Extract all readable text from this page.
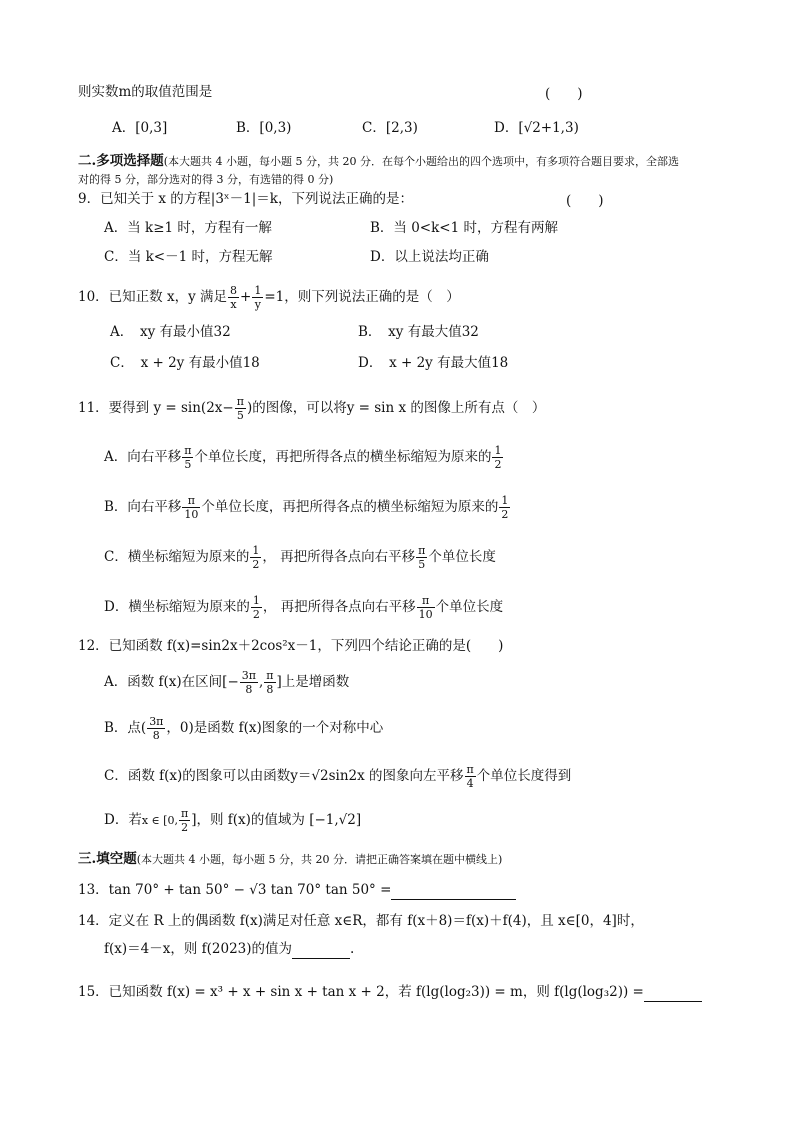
则实数m的取值范围是	(　　)
A．[0,3]	B．[0,3)	C．[2,3)	D．[√2+1,3)
二.多项选择题(本大题共 4 小题，每小题 5 分，共 20 分．在每个小题给出的四个选项中，有多项符合题目要求，全部选
对的得 5 分，部分选对的得 3 分，有选错的得 0 分)
9．已知关于 x 的方程|3ˣ－1|＝k，下列说法正确的是：	(　　)
A．当 k≥1 时，方程有一解	B．当 0<k<1 时，方程有两解
C．当 k<－1 时，方程无解	D．以上说法均正确
10．已知正数 x，y 满足 $\frac{8}{x} + \frac{1}{y} =1$，则下列说法正确的是（　）
A．　xy 有最小值32	B．　xy 有最大值32
C．　x + 2y 有最小值18	D．　x + 2y 有最大值18
11．要得到 $y = \sin(2x- \frac{\pi}{5}$ )的图像，可以将y = sin x 的图像上所有点（　）
A．向右平移 $\frac{\pi}{5}$ 个单位长度，再把所得各点的横坐标缩短为原来的 $\frac{1}{2}$
B．向右平移 $\frac{\pi}{10}$ 个单位长度，再把所得各点的横坐标缩短为原来的 $\frac{1}{2}$
C．横坐标缩短为原来的 $\frac{1}{2}$ ， 再把所得各点向右平移 $\frac{\pi}{5}$ 个单位长度
D．横坐标缩短为原来的 $\frac{1}{2}$ ， 再把所得各点向右平移 $\frac{\pi}{10}$ 个单位长度
12．已知函数 f(x)=sin2x＋2cos²x－1，下列四个结论正确的是(　　)
A．函数 f(x)在区间[− $\frac{3\pi}{8}$ , $\frac{\pi}{8}$ ]上是增函数
B．点( $\frac{3\pi}{8}$ ，0)是函数 f(x)图象的一个对称中心
C．函数 f(x)的图象可以由函数y＝√2sin2x 的图象向左平移 $\frac{\pi}{4}$ 个单位长度得到
D．若x ∈ [0, $\frac{\pi}{2}$ ]，则 f(x)的值域为 [−1,√2]
三.填空题(本大题共 4 小题，每小题 5 分，共 20 分．请把正确答案填在题中横线上)
13．tan 70° + tan 50° − √3 tan 70° tan 50° =
14．定义在 R 上的偶函数 f(x)满足对任意 x∈R，都有 f(x＋8)＝f(x)＋f(4)，且 x∈[0，4]时，
f(x)＝4－x，则 f(2023)的值为	.
15．已知函数 f(x) = x³ + x + sin x + tan x + 2，若 f(lg(log₂3)) = m，则 f(lg(log₃2)) =
